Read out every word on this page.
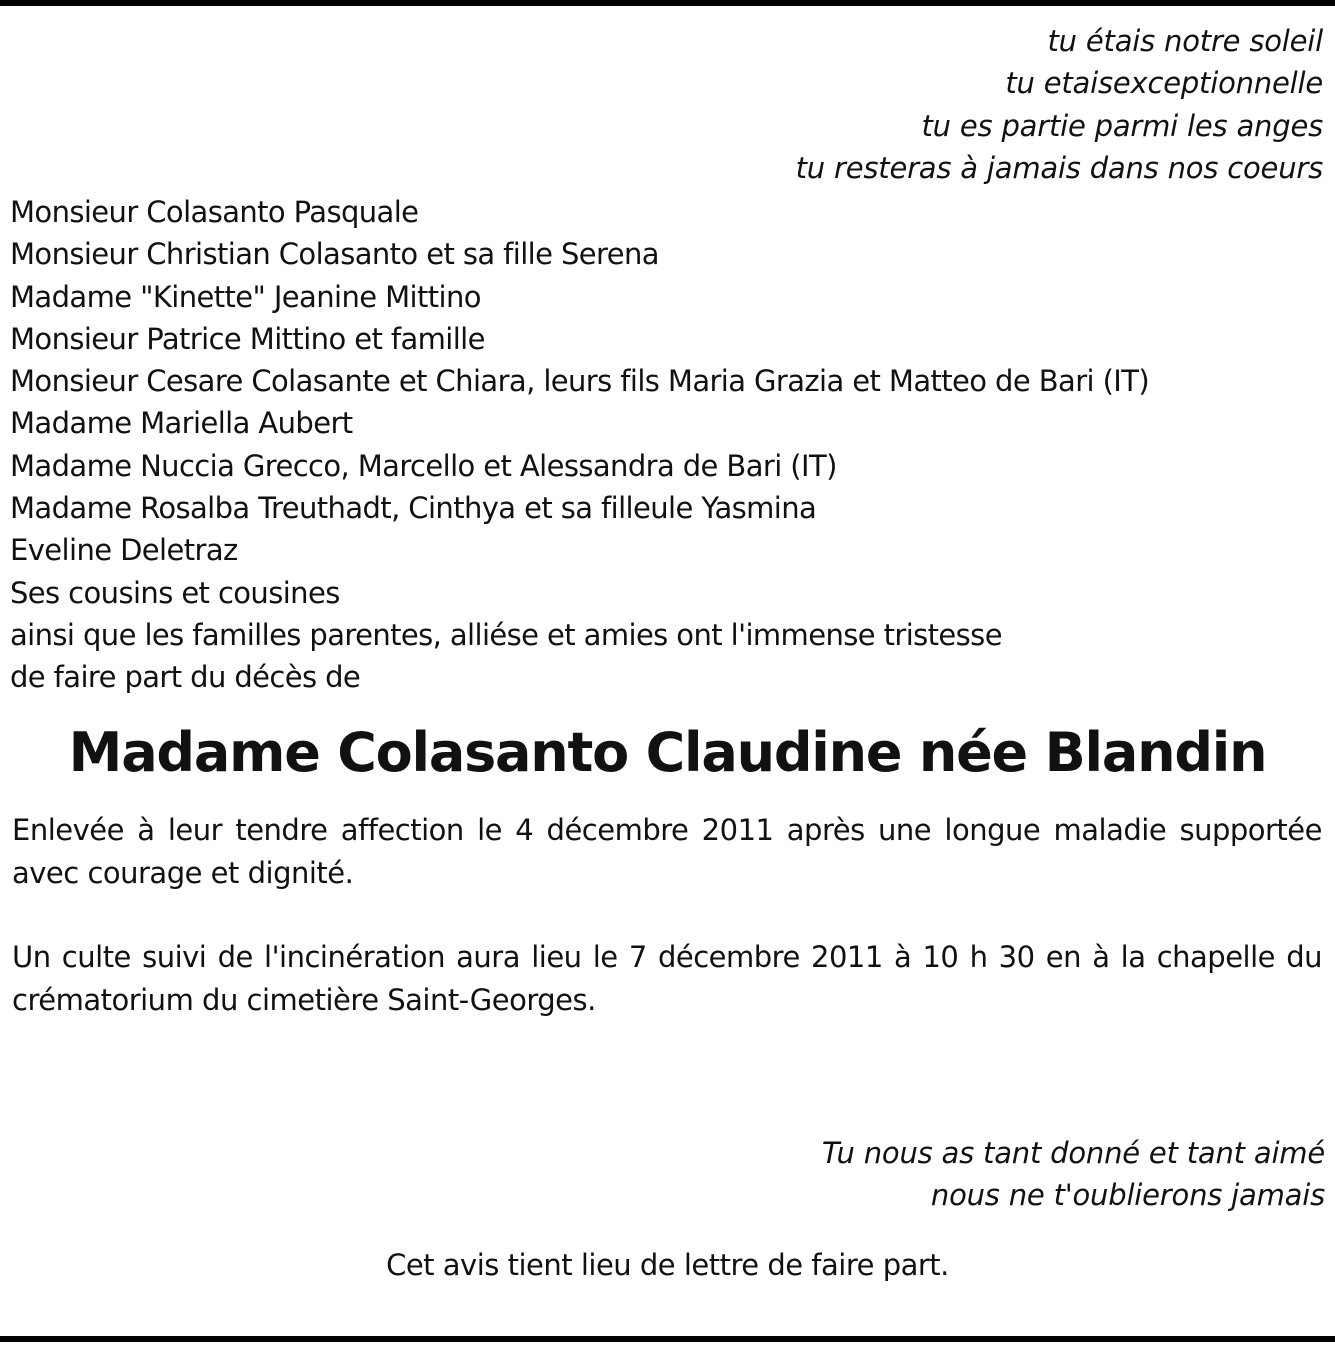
tu étais notre soleil
tu etaisexceptionnelle
tu es partie parmi les anges
tu resteras à jamais dans nos coeurs
Monsieur Colasanto Pasquale
Monsieur Christian Colasanto et sa fille Serena
Madame "Kinette" Jeanine Mittino
Monsieur Patrice Mittino et famille
Monsieur Cesare Colasante et Chiara, leurs fils Maria Grazia et Matteo de Bari (IT)
Madame Mariella Aubert
Madame Nuccia Grecco, Marcello et Alessandra de Bari (IT)
Madame Rosalba Treuthadt, Cinthya et sa filleule Yasmina
Eveline Deletraz
Ses cousins et cousines
ainsi que les familles parentes, alliése et amies ont l'immense tristesse
de faire part du décès de
Madame Colasanto Claudine née Blandin
Enlevée à leur tendre affection le 4 décembre 2011 après une longue maladie supportée avec courage et dignité.
Un culte suivi de l'incinération aura lieu le 7 décembre 2011 à 10 h 30 en à la chapelle du crématorium du cimetière Saint-Georges.
Tu nous as tant donné et tant aimé
nous ne t'oublierons jamais
Cet avis tient lieu de lettre de faire part.
